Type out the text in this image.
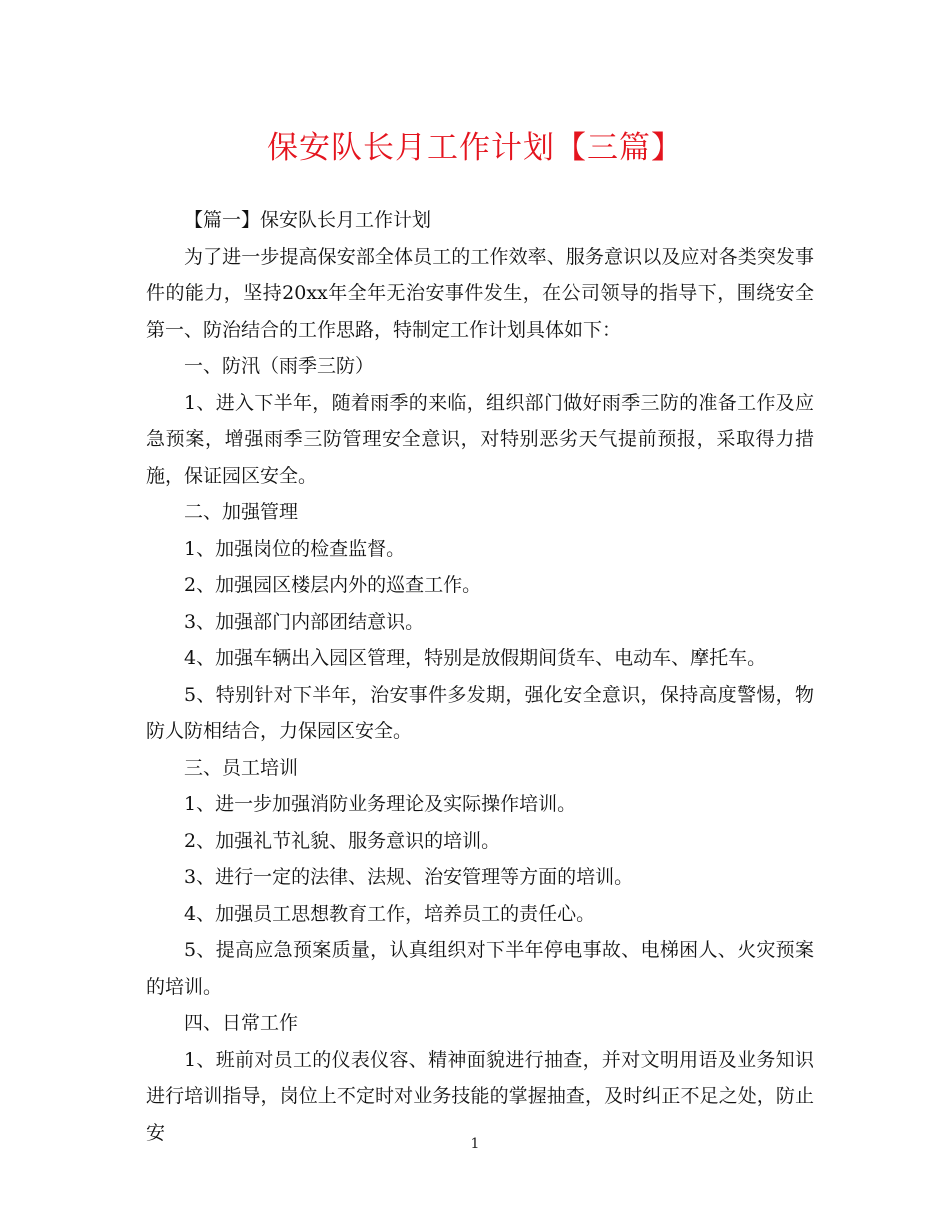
保安队长月工作计划【三篇】

【篇一】保安队长月工作计划

为了进一步提高保安部全体员工的工作效率、服务意识以及应对各类突发事件的能力，坚持20xx年全年无治安事件发生，在公司领导的指导下，围绕安全第一、防治结合的工作思路，特制定工作计划具体如下：

一、防汛（雨季三防）

1、进入下半年，随着雨季的来临，组织部门做好雨季三防的准备工作及应急预案，增强雨季三防管理安全意识，对特别恶劣天气提前预报，采取得力措施，保证园区安全。

二、加强管理

1、加强岗位的检查监督。

2、加强园区楼层内外的巡查工作。

3、加强部门内部团结意识。

4、加强车辆出入园区管理，特别是放假期间货车、电动车、摩托车。

5、特别针对下半年，治安事件多发期，强化安全意识，保持高度警惕，物防人防相结合，力保园区安全。

三、员工培训

1、进一步加强消防业务理论及实际操作培训。

2、加强礼节礼貌、服务意识的培训。

3、进行一定的法律、法规、治安管理等方面的培训。

4、加强员工思想教育工作，培养员工的责任心。

5、提高应急预案质量，认真组织对下半年停电事故、电梯困人、火灾预案的培训。

四、日常工作

1、班前对员工的仪表仪容、精神面貌进行抽查，并对文明用语及业务知识进行培训指导，岗位上不定时对业务技能的掌握抽查，及时纠正不足之处，防止安

1
